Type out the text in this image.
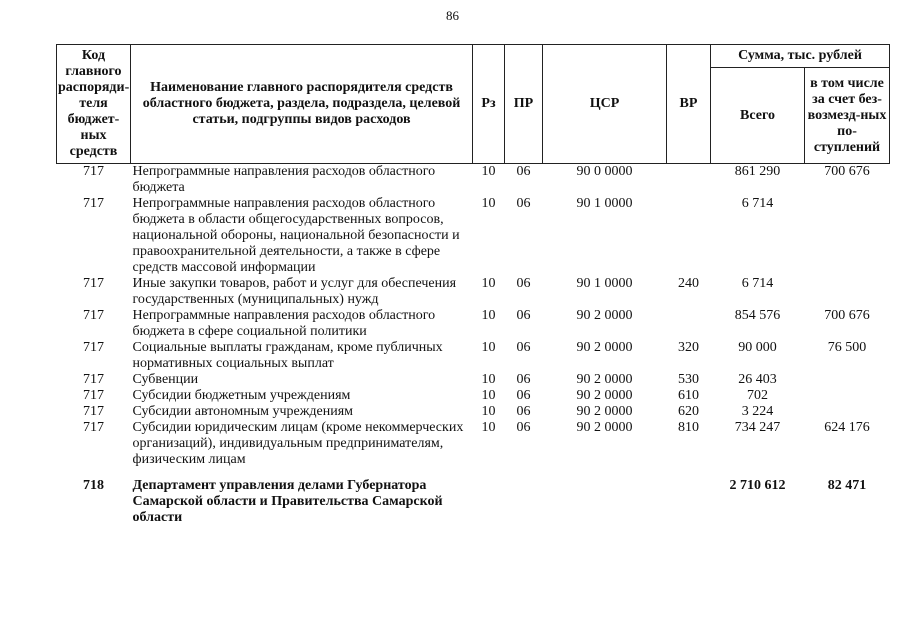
86
Код главного распоряди-теля бюджет-ных средств	Наименование главного распорядителя средств областного бюджета, раздела, подраздела, целевой статьи, подгруппы видов расходов	Рз	ПР	ЦСР	ВР	Сумма, тыс. рублей	
						Всего	в том числе за счет без-возмезд-ных по-ступлений
717	Непрограммные направления расходов областного бюджета	10	06	90 0 0000		861 290	700 676
717	Непрограммные направления расходов областного бюджета в области общегосударственных вопросов, национальной обороны, национальной безопасности и правоохранительной деятельности, а также в сфере средств массовой информации	10	06	90 1 0000		6 714	
717	Иные закупки товаров, работ и услуг для обеспечения государственных (муниципальных) нужд	10	06	90 1 0000	240	6 714	
717	Непрограммные направления расходов областного бюджета в сфере социальной политики	10	06	90 2 0000		854 576	700 676
717	Социальные выплаты гражданам, кроме публичных нормативных социальных выплат	10	06	90 2 0000	320	90 000	76 500
717	Субвенции	10	06	90 2 0000	530	26 403	
717	Субсидии бюджетным учреждениям	10	06	90 2 0000	610	702	
717	Субсидии автономным учреждениям	10	06	90 2 0000	620	3 224	
717	Субсидии юридическим лицам (кроме некоммерческих организаций), индивидуальным предпринимателям, физическим лицам	10	06	90 2 0000	810	734 247	624 176
718	Департамент управления делами Губернатора Самарской области и Правительства Самарской области					2 710 612	82 471
